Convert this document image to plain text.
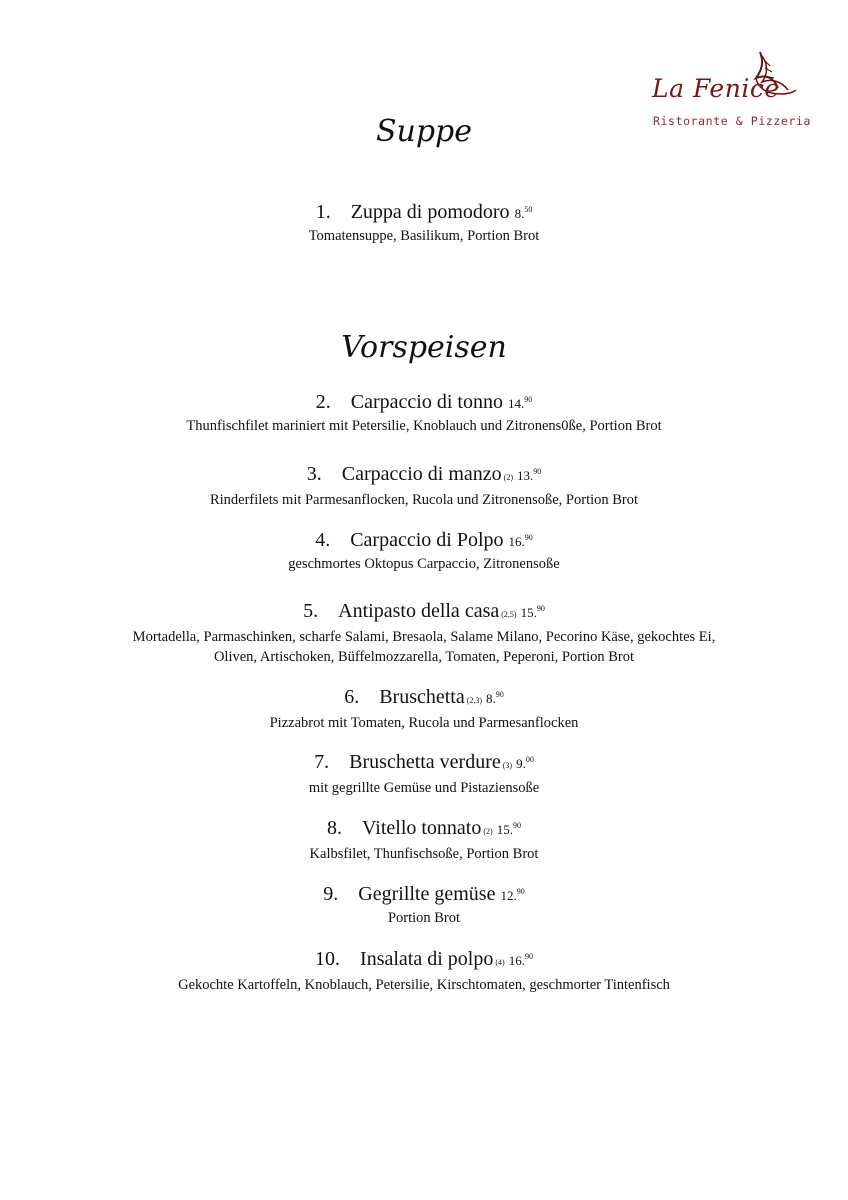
La Fenice
Ristorante & Pizzeria
Suppe
Vorspeisen
1. Zuppa di pomodoro 8.50
Tomatensuppe, Basilikum, Portion Brot
2. Carpaccio di tonno 14.90
Thunfischfilet mariniert mit Petersilie, Knoblauch und Zitronens0ße, Portion Brot
3. Carpaccio di manzo (2) 13.90
Rinderfilets mit Parmesanflocken, Rucola und Zitronensoße, Portion Brot
4. Carpaccio di Polpo 16.90
geschmortes Oktopus Carpaccio, Zitronensoße
5. Antipasto della casa (2,5) 15.90
Mortadella, Parmaschinken, scharfe Salami, Bresaola, Salame Milano, Pecorino Käse, gekochtes Ei,
Oliven, Artischoken, Büffelmozzarella, Tomaten, Peperoni, Portion Brot
6. Bruschetta (2,3) 8.90
Pizzabrot mit Tomaten, Rucola und Parmesanflocken
7. Bruschetta verdure (3) 9.00
mit gegrillte Gemüse und Pistaziensoße
8. Vitello tonnato (2) 15.90
Kalbsfilet, Thunfischsoße, Portion Brot
9. Gegrillte gemüse 12.90
Portion Brot
10. Insalata di polpo (4) 16.90
Gekochte Kartoffeln, Knoblauch, Petersilie, Kirschtomaten, geschmorter Tintenfisch
